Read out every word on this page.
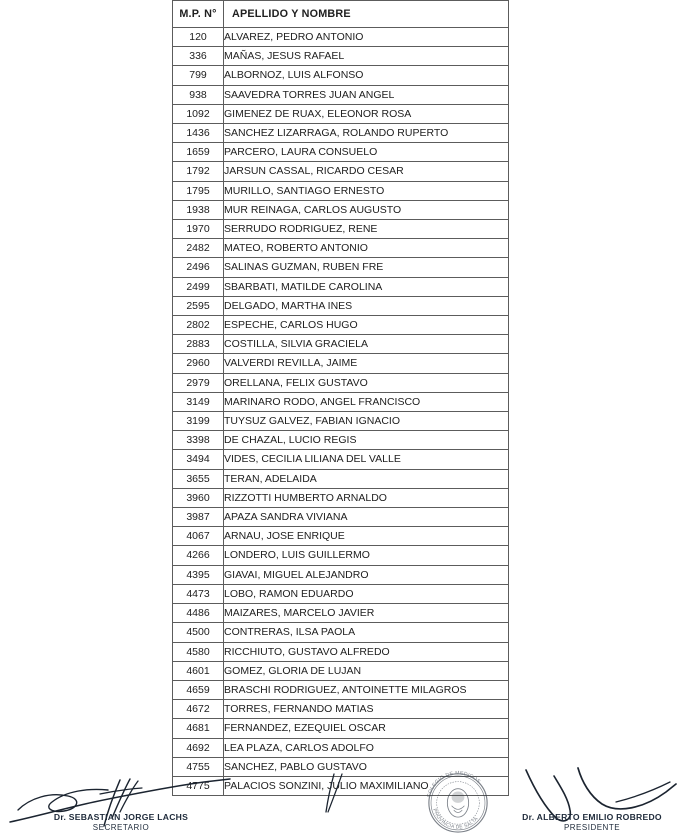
M.P. N°	APELLIDO Y NOMBRE
120	ALVAREZ, PEDRO ANTONIO
336	MAÑAS, JESUS RAFAEL
799	ALBORNOZ, LUIS ALFONSO
938	SAAVEDRA TORRES JUAN ANGEL
1092	GIMENEZ DE RUAX, ELEONOR ROSA
1436	SANCHEZ LIZARRAGA, ROLANDO RUPERTO
1659	PARCERO, LAURA CONSUELO
1792	JARSUN CASSAL, RICARDO CESAR
1795	MURILLO, SANTIAGO ERNESTO
1938	MUR REINAGA, CARLOS AUGUSTO
1970	SERRUDO RODRIGUEZ, RENE
2482	MATEO, ROBERTO ANTONIO
2496	SALINAS GUZMAN, RUBEN FRE
2499	SBARBATI, MATILDE CAROLINA
2595	DELGADO, MARTHA INES
2802	ESPECHE, CARLOS HUGO
2883	COSTILLA, SILVIA GRACIELA
2960	VALVERDI REVILLA, JAIME
2979	ORELLANA, FELIX GUSTAVO
3149	MARINARO RODO, ANGEL FRANCISCO
3199	TUYSUZ GALVEZ, FABIAN IGNACIO
3398	DE CHAZAL, LUCIO REGIS
3494	VIDES, CECILIA LILIANA DEL VALLE
3655	TERAN, ADELAIDA
3960	RIZZOTTI HUMBERTO ARNALDO
3987	APAZA SANDRA VIVIANA
4067	ARNAU, JOSE ENRIQUE
4266	LONDERO, LUIS GUILLERMO
4395	GIAVAI, MIGUEL ALEJANDRO
4473	LOBO, RAMON EDUARDO
4486	MAIZARES, MARCELO JAVIER
4500	CONTRERAS, ILSA PAOLA
4580	RICCHIUTO, GUSTAVO ALFREDO
4601	GOMEZ, GLORIA DE LUJAN
4659	BRASCHI RODRIGUEZ, ANTOINETTE MILAGROS
4672	TORRES, FERNANDO MATIAS
4681	FERNANDEZ, EZEQUIEL OSCAR
4692	LEA PLAZA, CARLOS ADOLFO
4755	SANCHEZ, PABLO GUSTAVO
4775	PALACIOS SONZINI, JULIO MAXIMILIANO
COLEGIO DE MEDICOS
PROVINCIA DE SALTA
Dr. SEBASTIAN JORGE LACHS
SECRETARIO
Dr. ALBERTO EMILIO ROBREDO
PRESIDENTE
